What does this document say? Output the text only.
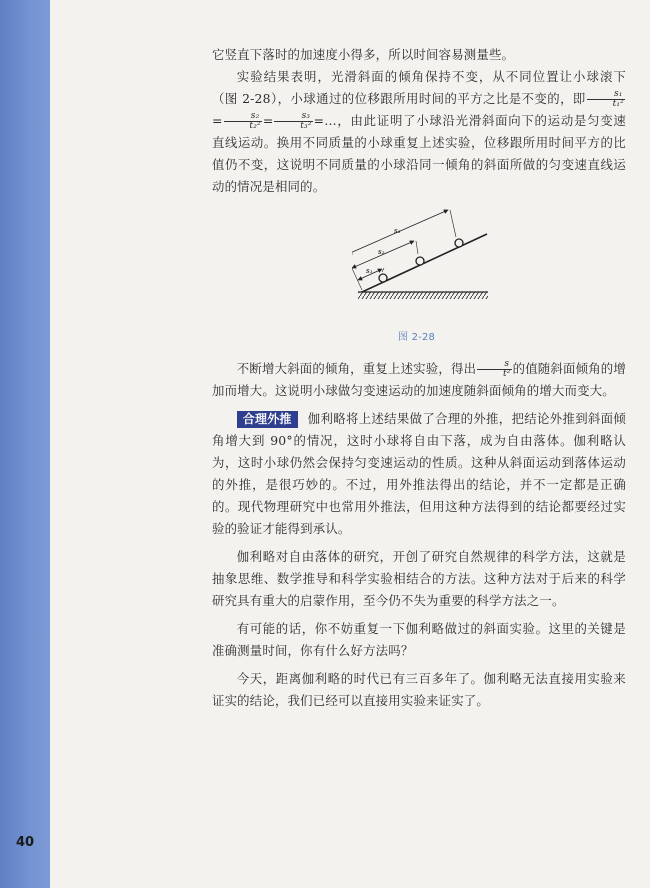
40

它竖直下落时的加速度小得多，所以时间容易测量些。

实验结果表明，光滑斜面的倾角保持不变，从不同位置让小球滚下（图 2-28），小球通过的位移跟所用时间的平方之比是不变的，即 $\frac{\text{s₁}}{\text{t₁²}}$
= $\frac{\text{s₂}}{\text{t₂²}} = \frac{\text{s₃}}{\text{t₃²}}$ =…，由此证明了小球沿光滑斜面向下的运动是匀变速直线运动。换用不同质量的小球重复上述实验，位移跟所用时间平方的比值仍不变，这说明不同质量的小球沿同一倾角的斜面所做的匀变速直线运动的情况是相同的。

s₁
s₂
s₃
图 2-28

不断增大斜面的倾角，重复上述实验，得出 $\frac{s}{\text{t²}}$ 的值随斜面倾角的增加而增大。这说明小球做匀变速运动的加速度随斜面倾角的增大而变大。

合理外推 伽利略将上述结果做了合理的外推，把结论外推到斜面倾角增大到 90°的情况，这时小球将自由下落，成为自由落体。伽利略认为，这时小球仍然会保持匀变速运动的性质。这种从斜面运动到落体运动的外推，是很巧妙的。不过，用外推法得出的结论，并不一定都是正确的。现代物理研究中也常用外推法，但用这种方法得到的结论都要经过实验的验证才能得到承认。

伽利略对自由落体的研究，开创了研究自然规律的科学方法，这就是抽象思维、数学推导和科学实验相结合的方法。这种方法对于后来的科学研究具有重大的启蒙作用，至今仍不失为重要的科学方法之一。

有可能的话，你不妨重复一下伽利略做过的斜面实验。这里的关键是准确测量时间，你有什么好方法吗？

今天，距离伽利略的时代已有三百多年了。伽利略无法直接用实验来证实的结论，我们已经可以直接用实验来证实了。
